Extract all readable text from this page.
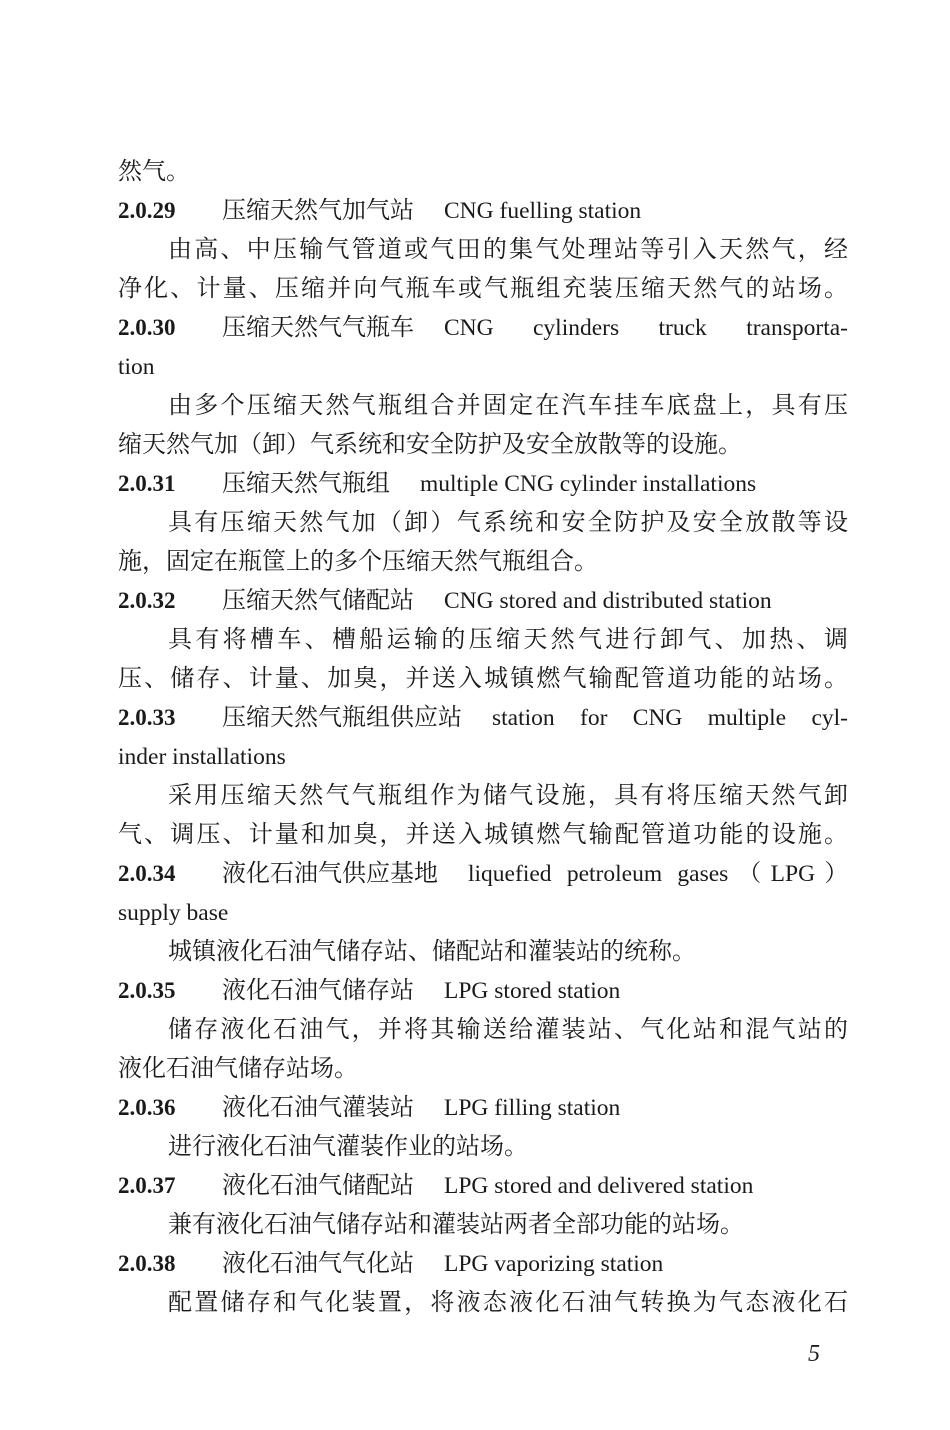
然气。
2.0.29 压缩天然气加气站 CNG fuelling station
由高、中压输气管道或气田的集气处理站等引入天然气，经
净化、计量、压缩并向气瓶车或气瓶组充装压缩天然气的站场。
2.0.30 压缩天然气气瓶车 CNG cylinders truck transporta-
tion
由多个压缩天然气瓶组合并固定在汽车挂车底盘上，具有压
缩天然气加（卸）气系统和安全防护及安全放散等的设施。
2.0.31 压缩天然气瓶组 multiple CNG cylinder installations
具有压缩天然气加（卸）气系统和安全防护及安全放散等设
施，固定在瓶筐上的多个压缩天然气瓶组合。
2.0.32 压缩天然气储配站 CNG stored and distributed station
具有将槽车、槽船运输的压缩天然气进行卸气、加热、调
压、储存、计量、加臭，并送入城镇燃气输配管道功能的站场。
2.0.33 压缩天然气瓶组供应站 station for CNG multiple cyl-
inder installations
采用压缩天然气气瓶组作为储气设施，具有将压缩天然气卸
气、调压、计量和加臭，并送入城镇燃气输配管道功能的设施。
2.0.34 液化石油气供应基地 liquefied petroleum gases（LPG）
supply base
城镇液化石油气储存站、储配站和灌装站的统称。
2.0.35 液化石油气储存站 LPG stored station
储存液化石油气，并将其输送给灌装站、气化站和混气站的
液化石油气储存站场。
2.0.36 液化石油气灌装站 LPG filling station
进行液化石油气灌装作业的站场。
2.0.37 液化石油气储配站 LPG stored and delivered station
兼有液化石油气储存站和灌装站两者全部功能的站场。
2.0.38 液化石油气气化站 LPG vaporizing station
配置储存和气化装置，将液态液化石油气转换为气态液化石
5
